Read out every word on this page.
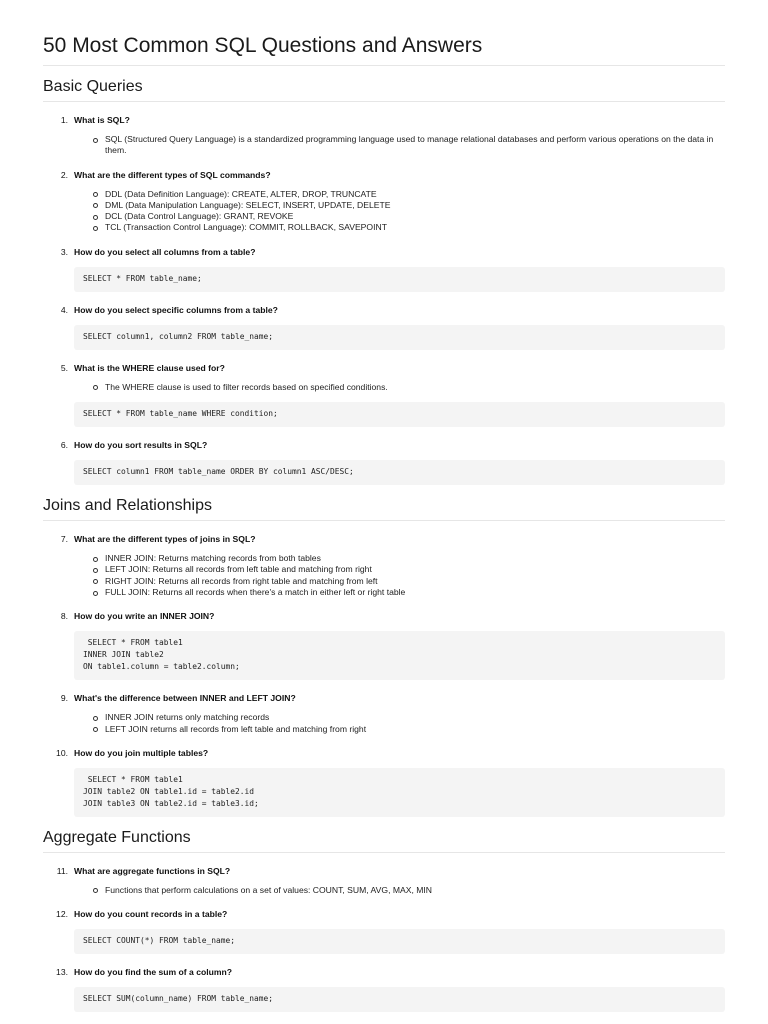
50 Most Common SQL Questions and Answers
Basic Queries
1. What is SQL?
SQL (Structured Query Language) is a standardized programming language used to manage relational databases and perform various operations on the data in them.
2. What are the different types of SQL commands?
DDL (Data Definition Language): CREATE, ALTER, DROP, TRUNCATE
DML (Data Manipulation Language): SELECT, INSERT, UPDATE, DELETE
DCL (Data Control Language): GRANT, REVOKE
TCL (Transaction Control Language): COMMIT, ROLLBACK, SAVEPOINT
3. How do you select all columns from a table?
SELECT * FROM table_name;
4. How do you select specific columns from a table?
SELECT column1, column2 FROM table_name;
5. What is the WHERE clause used for?
The WHERE clause is used to filter records based on specified conditions.
SELECT * FROM table_name WHERE condition;
6. How do you sort results in SQL?
SELECT column1 FROM table_name ORDER BY column1 ASC/DESC;
Joins and Relationships
7. What are the different types of joins in SQL?
INNER JOIN: Returns matching records from both tables
LEFT JOIN: Returns all records from left table and matching from right
RIGHT JOIN: Returns all records from right table and matching from left
FULL JOIN: Returns all records when there's a match in either left or right table
8. How do you write an INNER JOIN?
SELECT * FROM table1
INNER JOIN table2
ON table1.column = table2.column;
9. What's the difference between INNER and LEFT JOIN?
INNER JOIN returns only matching records
LEFT JOIN returns all records from left table and matching from right
10. How do you join multiple tables?
SELECT * FROM table1
JOIN table2 ON table1.id = table2.id
JOIN table3 ON table2.id = table3.id;
Aggregate Functions
11. What are aggregate functions in SQL?
Functions that perform calculations on a set of values: COUNT, SUM, AVG, MAX, MIN
12. How do you count records in a table?
SELECT COUNT(*) FROM table_name;
13. How do you find the sum of a column?
SELECT SUM(column_name) FROM table_name;
